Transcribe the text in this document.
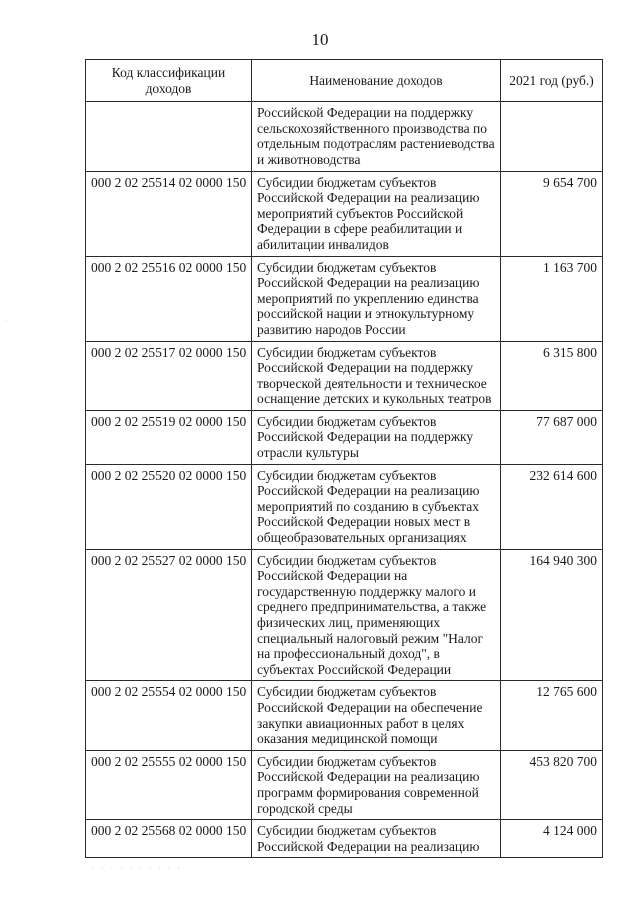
10
·
Код классификации доходов	Наименование доходов	2021 год (руб.)
	Российской Федерации на поддержку сельскохозяйственного производства по отдельным подотраслям растениеводства и животноводства	
000 2 02 25514 02 0000 150	Субсидии бюджетам субъектов Российской Федерации на реализацию мероприятий субъектов Российской Федерации в сфере реабилитации и абилитации инвалидов	9 654 700
000 2 02 25516 02 0000 150	Субсидии бюджетам субъектов Российской Федерации на реализацию мероприятий по укреплению единства российской нации и этнокультурному развитию народов России	1 163 700
000 2 02 25517 02 0000 150	Субсидии бюджетам субъектов Российской Федерации на поддержку творческой деятельности и техническое оснащение детских и кукольных театров	6 315 800
000 2 02 25519 02 0000 150	Субсидии бюджетам субъектов Российской Федерации на поддержку отрасли культуры	77 687 000
000 2 02 25520 02 0000 150	Субсидии бюджетам субъектов Российской Федерации на реализацию мероприятий по созданию в субъектах Российской Федерации новых мест в общеобразовательных организациях	232 614 600
000 2 02 25527 02 0000 150	Субсидии бюджетам субъектов Российской Федерации на государственную поддержку малого и среднего предпринимательства, а также физических лиц, применяющих специальный налоговый режим "Налог на профессиональный доход", в субъектах Российской Федерации	164 940 300
000 2 02 25554 02 0000 150	Субсидии бюджетам субъектов Российской Федерации на обеспечение закупки авиационных работ в целях оказания медицинской помощи	12 765 600
000 2 02 25555 02 0000 150	Субсидии бюджетам субъектов Российской Федерации на реализацию программ формирования современной городской среды	453 820 700
000 2 02 25568 02 0000 150	Субсидии бюджетам субъектов Российской Федерации на реализацию	4 124 000
· · · · · · · · · ·
